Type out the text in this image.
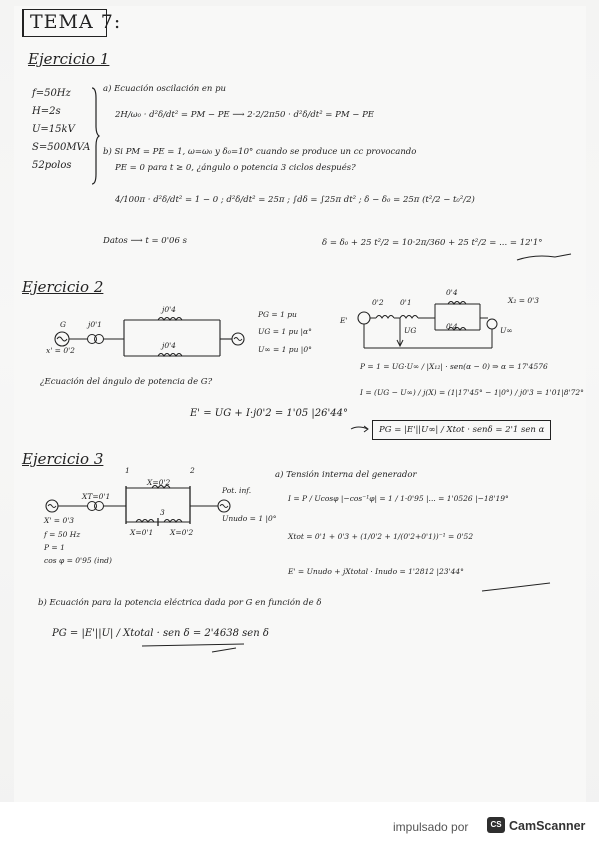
TEMA 7:
Ejercicio 1
f=50Hz
H=2s
U=15kV
S=500MVA
52polos
a) Ecuación oscilación en pu
2H/ω₀ · d²δ/dt² = PM − PE ⟶ 2·2/2π50 · d²δ/dt² = PM − PE
b) Si PM = PE = 1, ω=ω₀ y δ₀=10° cuando se produce un cc provocando
PE = 0 para t ≥ 0, ¿ángulo o potencia 3 ciclos después?
4/100π · d²δ/dt² = 1 − 0 ; d²δ/dt² = 25π ; ∫dδ = ∫25π dt² ; δ − δ₀ = 25π (t²/2 − t₀²/2)
Datos ⟶ t = 0'06 s	δ = δ₀ + 25 t²/2 = 10·2π/360 + 25 t²/2 = ... = 12'1°
Ejercicio 2
G	j0'1
j0'4
j0'4
x' = 0'2
PG = 1 pu
UG = 1 pu |α°
U∞ = 1 pu |0°
0'2 0'1
0'4
0'4
X₂ = 0'3
E'
UG	U∞
P = 1 = UG·U∞ / |X₁₂| · sen(α − 0) ⇒ α = 17'4576
I = (UG − U∞) / j(X) = (1|17'45° − 1|0°) / j0'3 = 1'01|8'72°
¿Ecuación del ángulo de potencia de G?
E' = UG + I·j0'2 = 1'05 |26'44°
PG = |E'||U∞| / Xtot · senδ = 2'1 sen α
Ejercicio 3
XT=0'1
X=0'2
1	2
3
X=0'1 X=0'2
Pot. inf.
Unudo = 1 |0°
X' = 0'3
f = 50 Hz
P = 1
cos φ = 0'95 (ind)
a) Tensión interna del generador
I = P / Ucosφ |−cos⁻¹φ| = 1 / 1·0'95 |... = 1'0526 |−18'19°
Xtot = 0'1 + 0'3 + (1/0'2 + 1/(0'2+0'1))⁻¹ = 0'52
E' = Unudo + jXtotal · Inudo = 1'2812 |23'44°
b) Ecuación para la potencia eléctrica dada por G en función de δ
PG = |E'||U| / Xtotal · sen δ = 2'4638 sen δ
impulsado por	CS CamScanner
